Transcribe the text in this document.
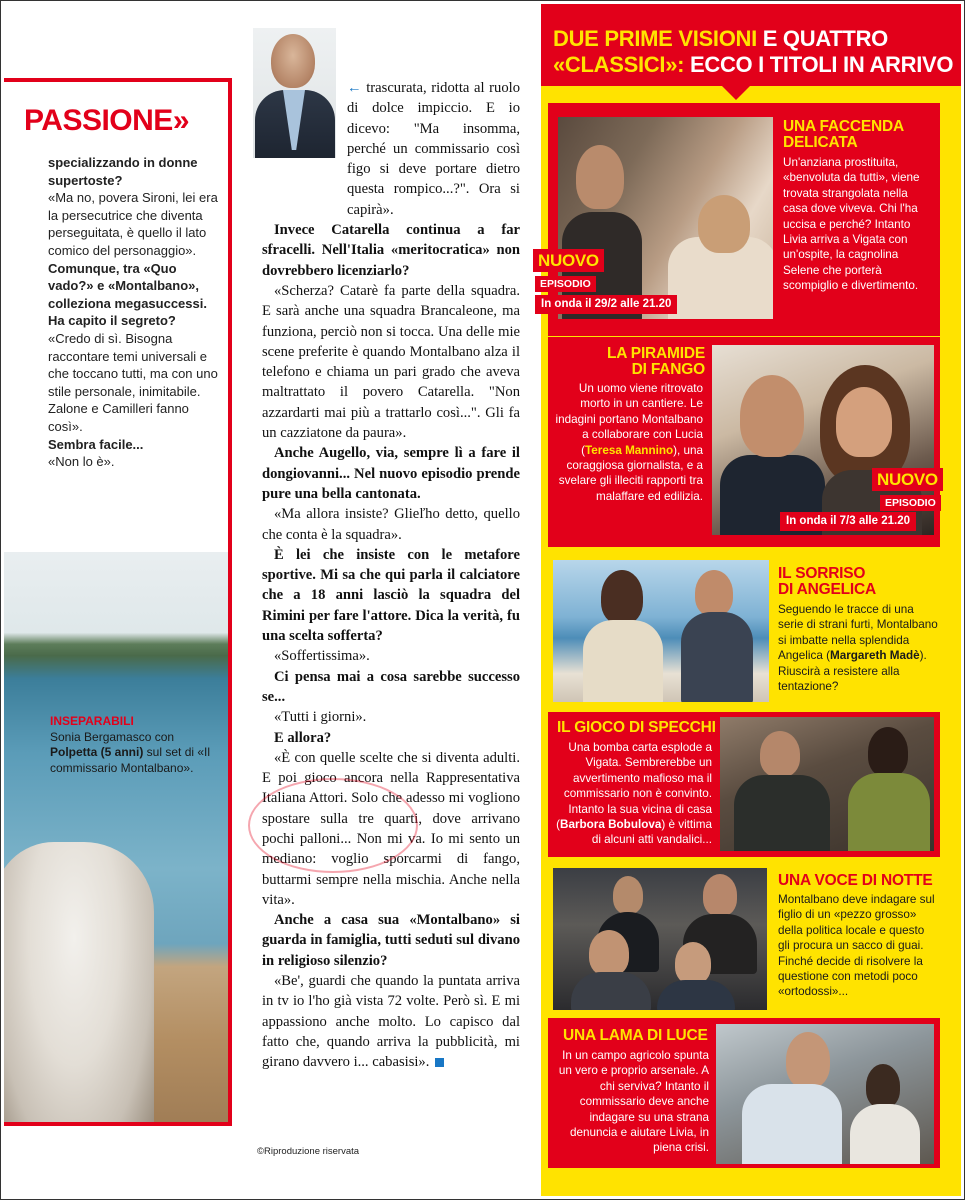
PASSIONE»

specializzando in donne supertoste?

«Ma no, povera Sironi, lei era la persecutrice che diventa perseguitata, è quello il lato comico del personaggio».

Comunque, tra «Quo vado?» e «Montalbano», colleziona megasuccessi. Ha capito il segreto?

«Credo di sì. Bisogna raccontare temi universali e che toccano tutti, ma con uno stile personale, inimitabile. Zalone e Camilleri fanno così».

Sembra facile...

«Non lo è».

INSEPARABILI
Sonia Bergamasco con Polpetta (5 anni) sul set di «Il commissario Montalbano».

← trascurata, ridotta al ruolo di dolce impiccio. E io dicevo: "Ma insomma, perché un commissario così figo si deve portare dietro questa rompico...?". Ora si capirà».

Invece Catarella continua a far sfracelli. Nell'Italia «meritocratica» non dovrebbero licenziarlo?

«Scherza? Catarè fa parte della squadra. E sarà anche una squadra Brancaleone, ma funziona, perciò non si tocca. Una delle mie scene preferite è quando Montalbano alza il telefono e chiama un pari grado che aveva maltrattato il povero Catarella. "Non azzardarti mai più a trattarlo così...". Gli fa un cazziatone da paura».

Anche Augello, via, sempre lì a fare il dongiovanni... Nel nuovo episodio prende pure una bella cantonata.

«Ma allora insiste? Glieľho detto, quello che conta è la squadra».

È lei che insiste con le metafore sportive. Mi sa che qui parla il calciatore che a 18 anni lasciò la squadra del Rimini per fare l'attore. Dica la verità, fu una scelta sofferta?

«Soffertissima».

Ci pensa mai a cosa sarebbe successo se...

«Tutti i giorni».

E allora?

«È con quelle scelte che si diventa adulti. E poi gioco ancora nella Rappresentativa Italiana Attori. Solo che adesso mi vogliono spostare sulla tre quarti, dove arrivano pochi palloni... Non mi va. Io mi sento un mediano: voglio sporcarmi di fango, buttarmi sempre nella mischia. Anche nella vita».

Anche a casa sua «Montalbano» si guarda in famiglia, tutti seduti sul divano in religioso silenzio?

«Be', guardi che quando la puntata arriva in tv io l'ho già vista 72 volte. Però sì. E mi appassiono anche molto. Lo capisco dal fatto che, quando arriva la pubblicità, mi girano davvero i... cabasisi».

©Riproduzione riservata
DUE PRIME VISIONI E QUATTRO
«CLASSICI»: ECCO I TITOLI IN ARRIVO
UNA FACCENDA
DELICATA
Un'anziana prostituita, «benvoluta da tutti», viene trovata strangolata nella casa dove viveva. Chi l'ha uccisa e perché? Intanto Livia arriva a Vigata con un'ospite, la cagnolina Selene che porterà scompiglio e divertimento.
NUOVO
EPISODIO
In onda il 29/2 alle 21.20
LA PIRAMIDE
DI FANGO
Un uomo viene ritrovato morto in un cantiere. Le indagini portano Montalbano a collaborare con Lucia (Teresa Mannino), una coraggiosa giornalista, e a svelare gli illeciti rapporti tra malaffare ed edilizia.
NUOVO
EPISODIO
In onda il 7/3 alle 21.20
IL SORRISO
DI ANGELICA
Seguendo le tracce di una serie di strani furti, Montalbano si imbatte nella splendida Angelica (Margareth Madè). Riuscirà a resistere alla tentazione?
IL GIOCO DI SPECCHI
Una bomba carta esplode a Vigata. Sembrerebbe un avvertimento mafioso ma il commissario non è convinto. Intanto la sua vicina di casa (Barbora Bobulova) è vittima di alcuni atti vandalici...
UNA VOCE DI NOTTE
Montalbano deve indagare sul figlio di un «pezzo grosso» della politica locale e questo gli procura un sacco di guai. Finché decide di risolvere la questione con metodi poco «ortodossi»...
UNA LAMA DI LUCE
In un campo agricolo spunta un vero e proprio arsenale. A chi serviva? Intanto il commissario deve anche indagare su una strana denuncia e aiutare Livia, in piena crisi.
